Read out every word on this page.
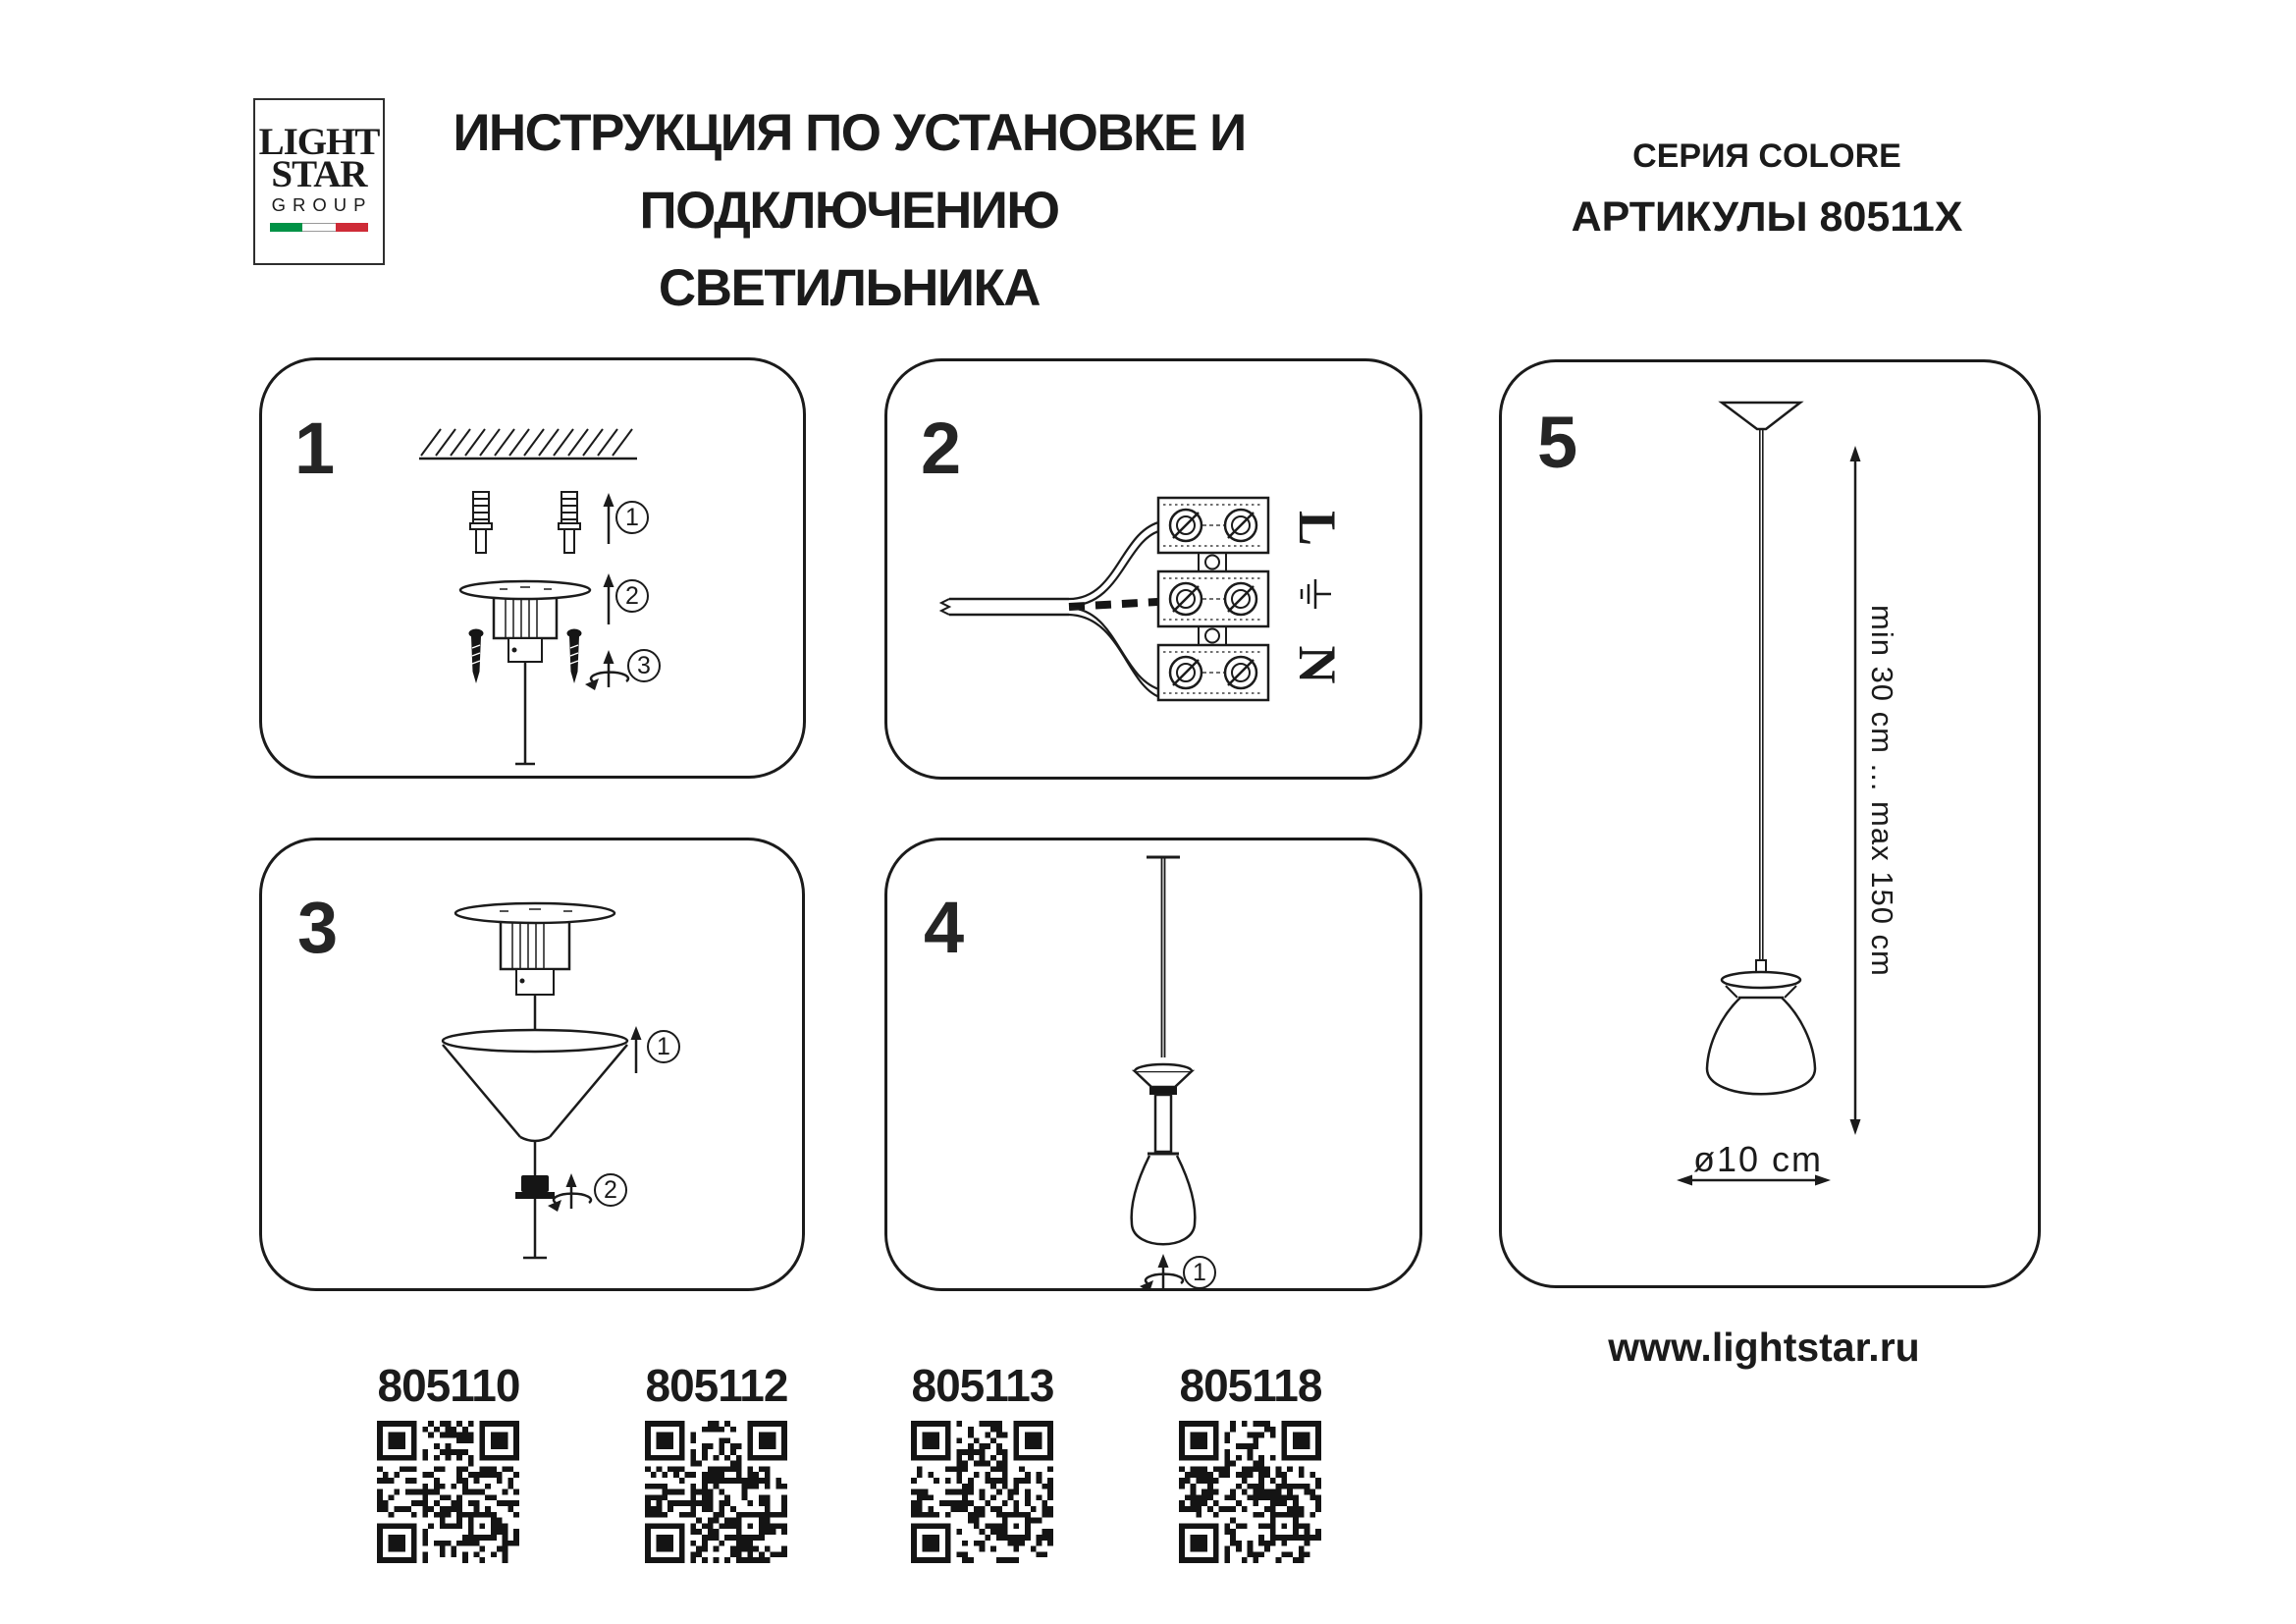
LIGHT
STAR
GROUP
ИНСТРУКЦИЯ ПО УСТАНОВКЕ И
ПОДКЛЮЧЕНИЮ СВЕТИЛЬНИКА
СЕРИЯ COLORE
АРТИКУЛЫ 80511X
1	2
3	4
5
1
2
3
1
2
1
L
N	min 30 cm ... max 150 cm
ø10 cm
805110	805112	805113	805118
www.lightstar.ru
